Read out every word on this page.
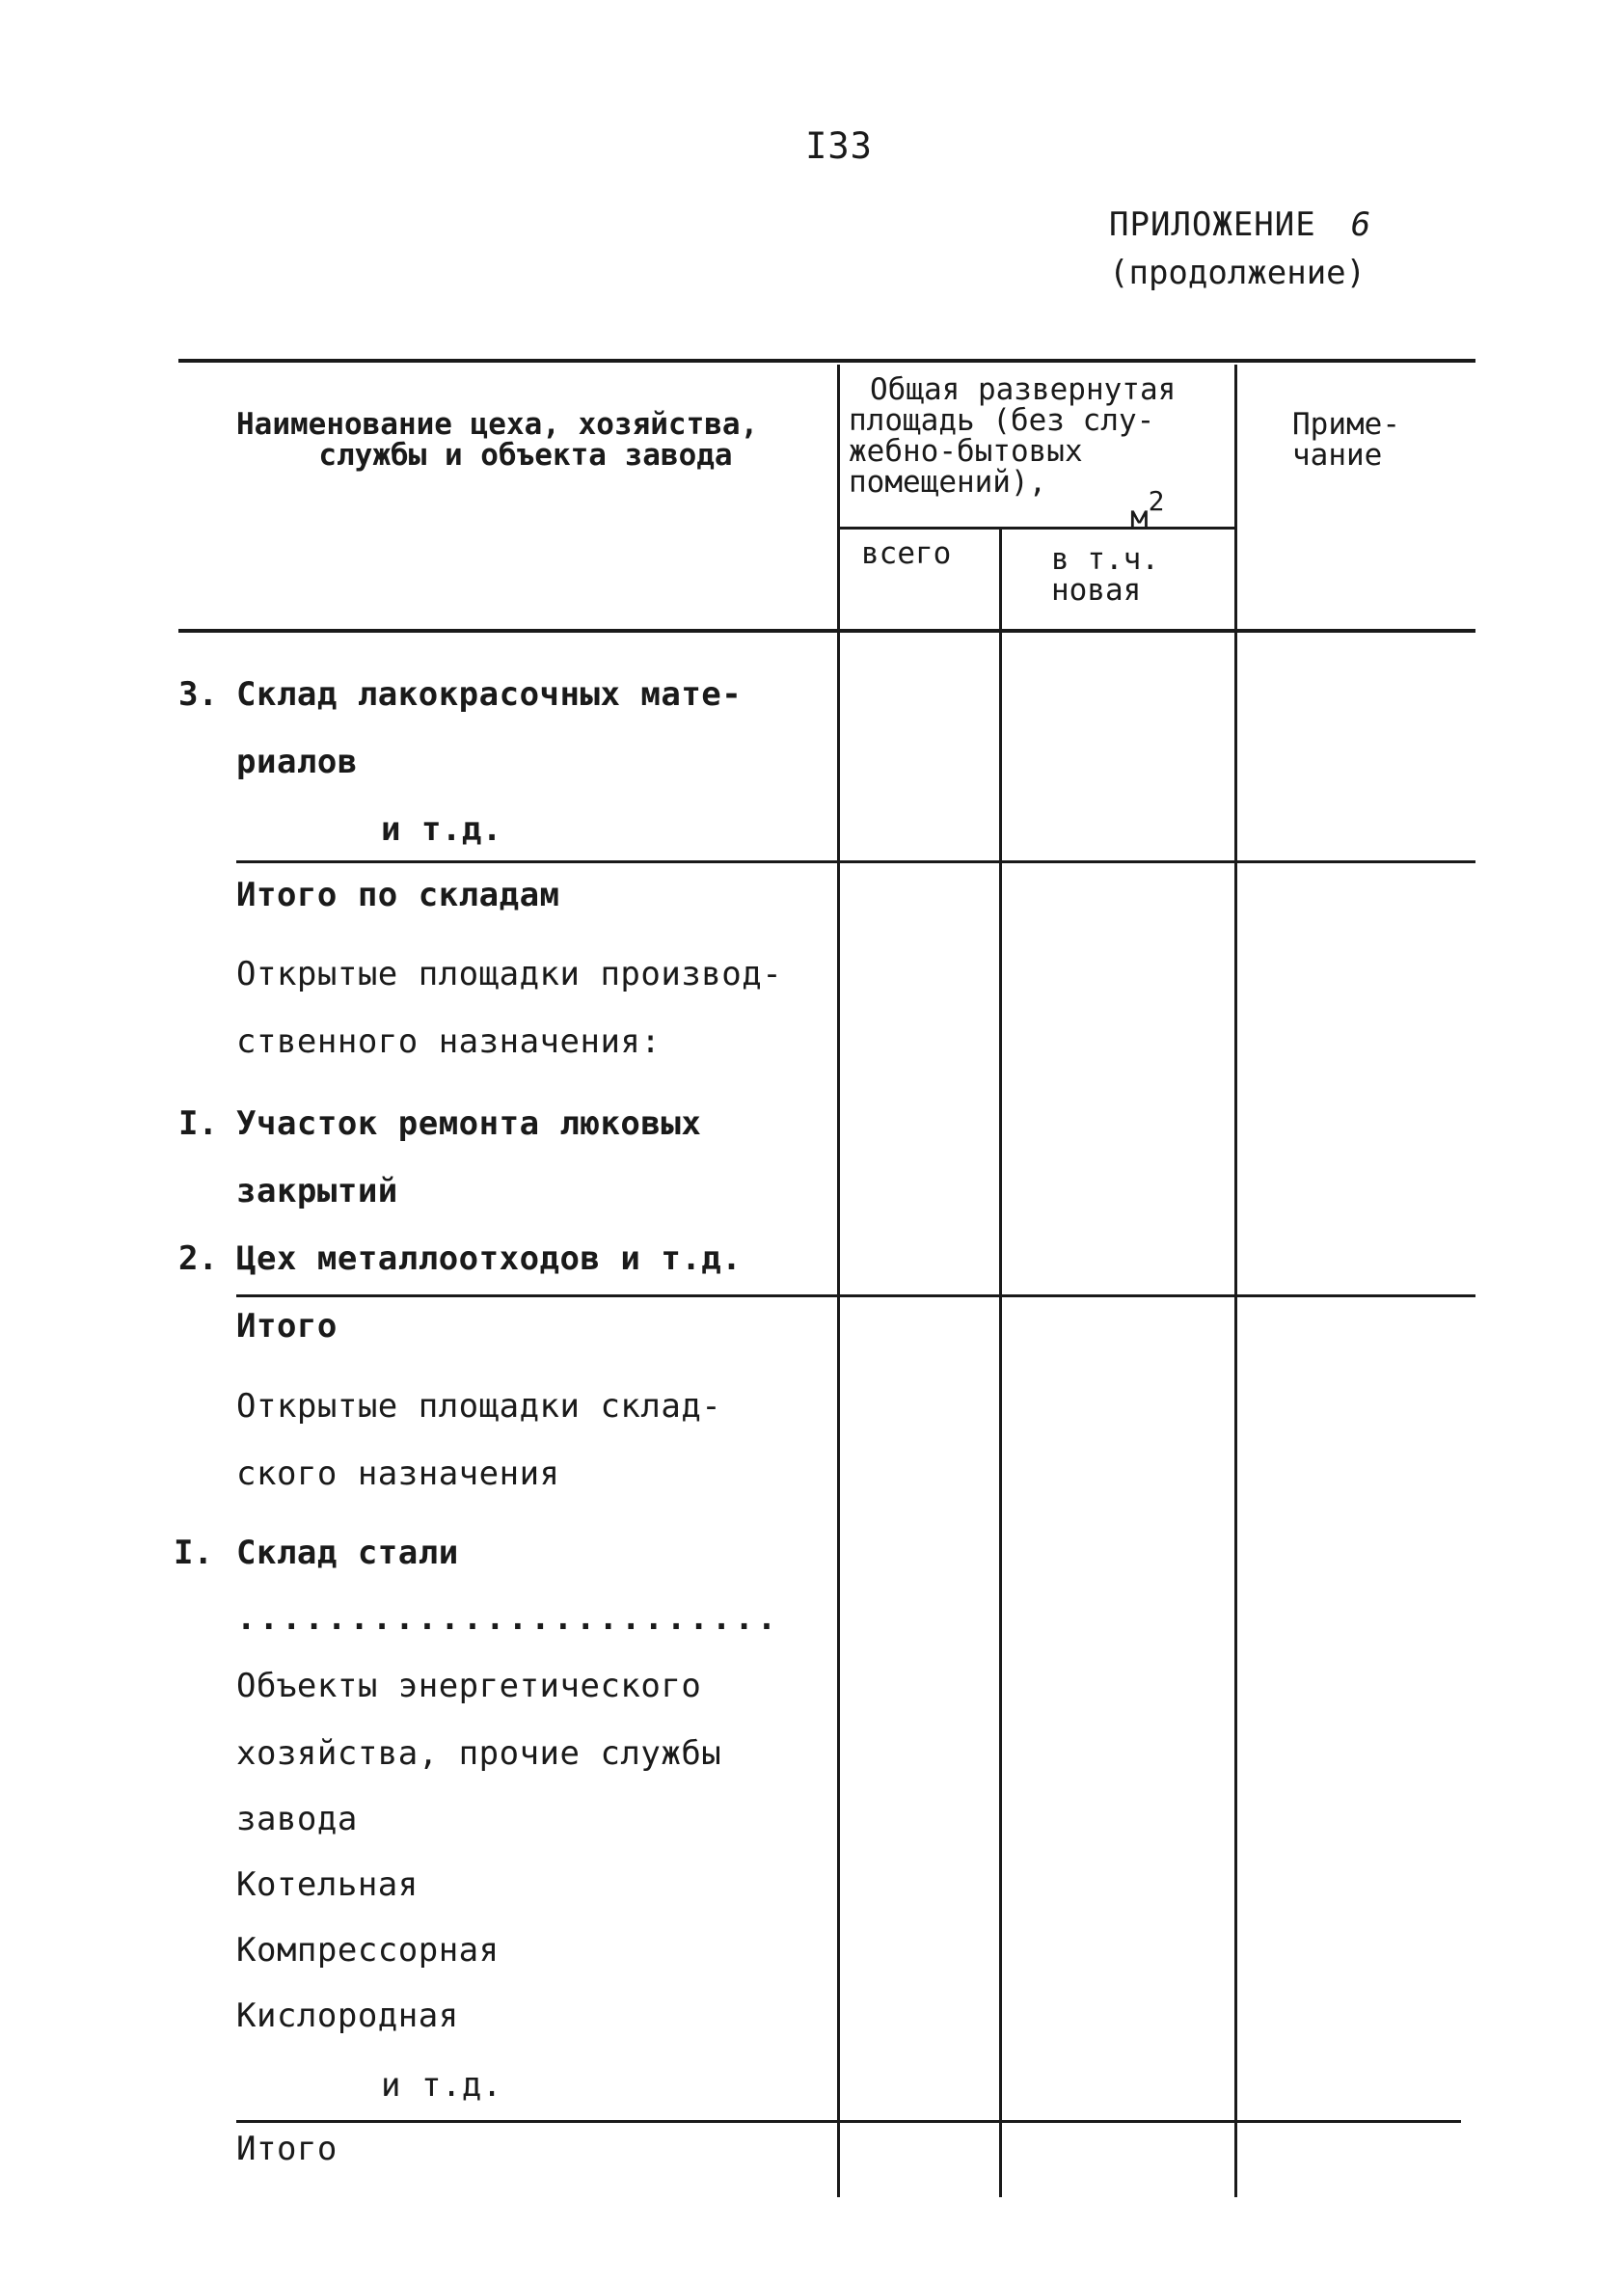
I33
ПРИЛОЖЕНИЕ 6
(продолжение)
Наименование цеха, хозяйства,
службы и объекта завода
Общая развернутая
площадь (без слу-
жебно-бытовых
помещений),
$м^2$
Приме-
чание
всего	в т.ч.
новая
3. Склад лакокрасочных мате-
риалов
и т.д.
Итого по складам
Открытые площадки производ-
ственного назначения:
I. Участок ремонта люковых
закрытий
2. Цех металлоотходов и т.д.
Итого
Открытые площадки склад-
ского назначения
I. Склад стали
........................
Объекты энергетического
хозяйства, прочие службы
завода
Котельная
Компрессорная
Кислородная
и т.д.
Итого
